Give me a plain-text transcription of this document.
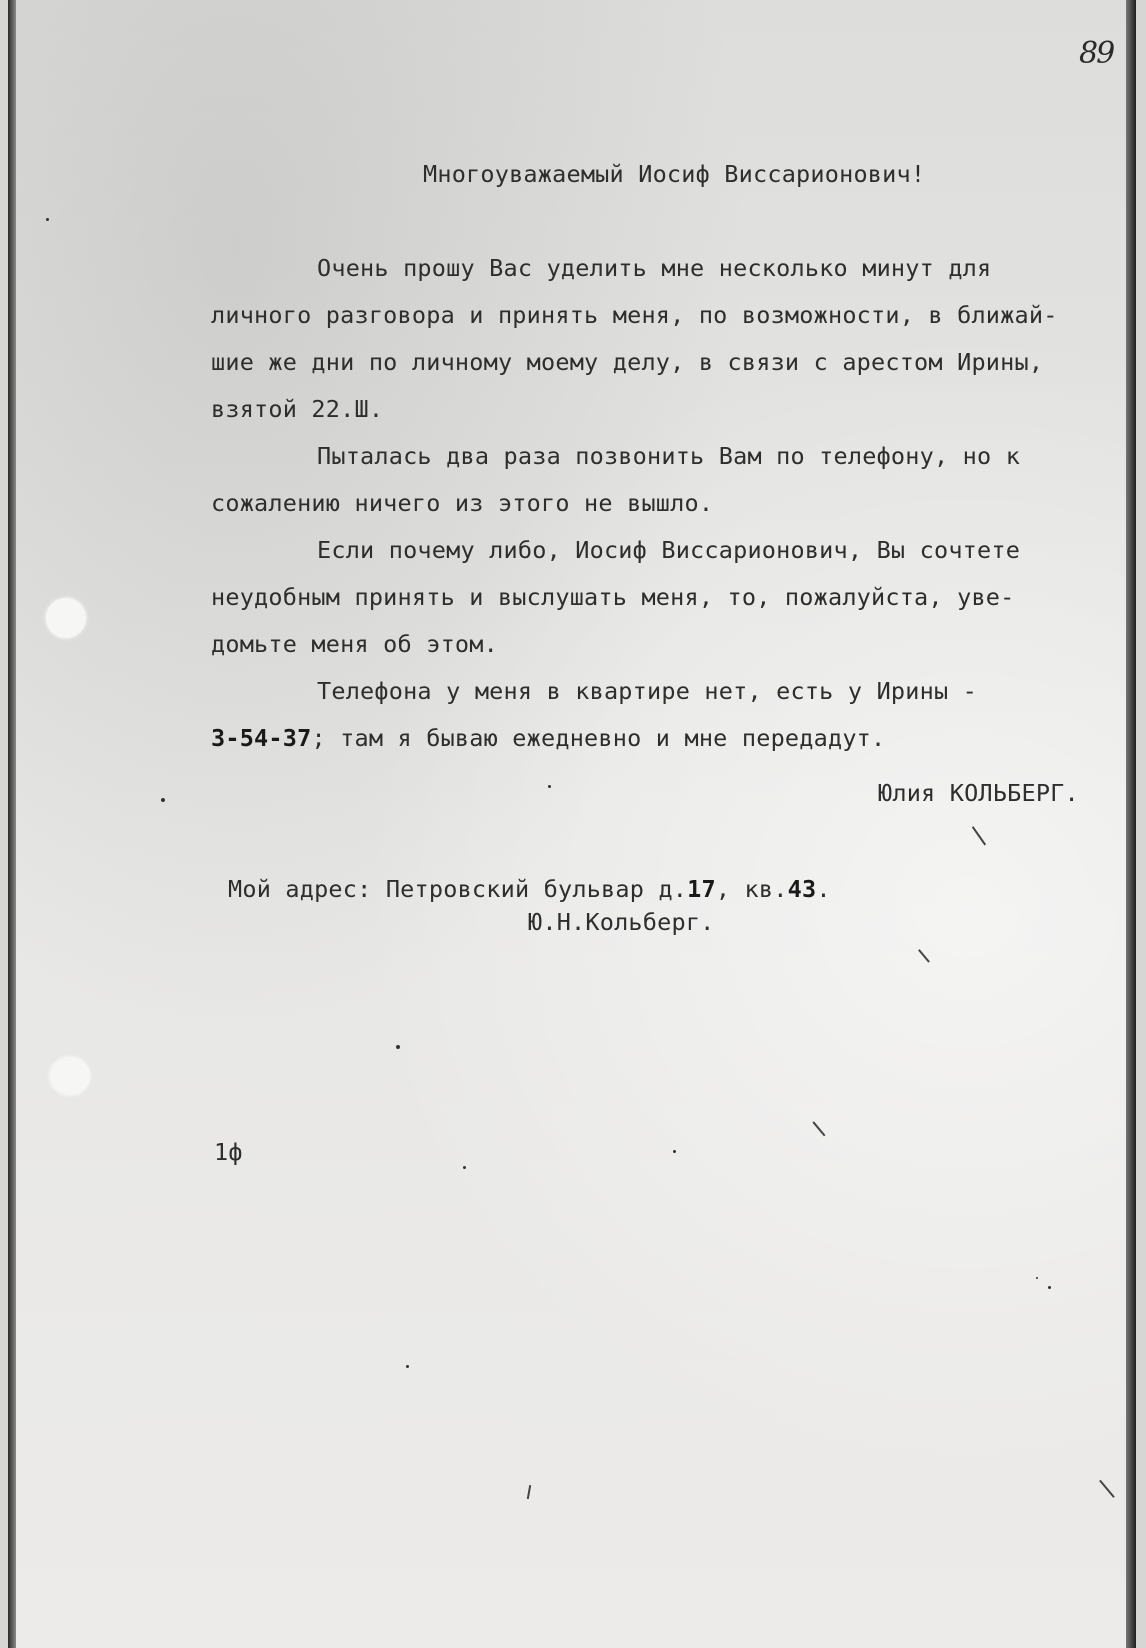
89
Многоуважаемый Иосиф Виссарионович!
Очень прошу Вас уделить мне несколько минут для
личного разговора и принять меня, по возможности, в ближай-
шие же дни по личному моему делу, в связи с арестом Ирины,
взятой 22.Ш.
Пыталась два раза позвонить Вам по телефону, но к
сожалению ничего из этого не вышло.
Если почему либо, Иосиф Виссарионович, Вы сочтете
неудобным принять и выслушать меня, то, пожалуйста, уве-
домьте меня об этом.
Телефона у меня в квартире нет, есть у Ирины -
3-54-37; там я бываю ежедневно и мне передадут.
Юлия КОЛЬБЕРГ.
Мой адрес: Петровский бульвар д.17, кв.43.
Ю.Н.Кольберг.
1ф
